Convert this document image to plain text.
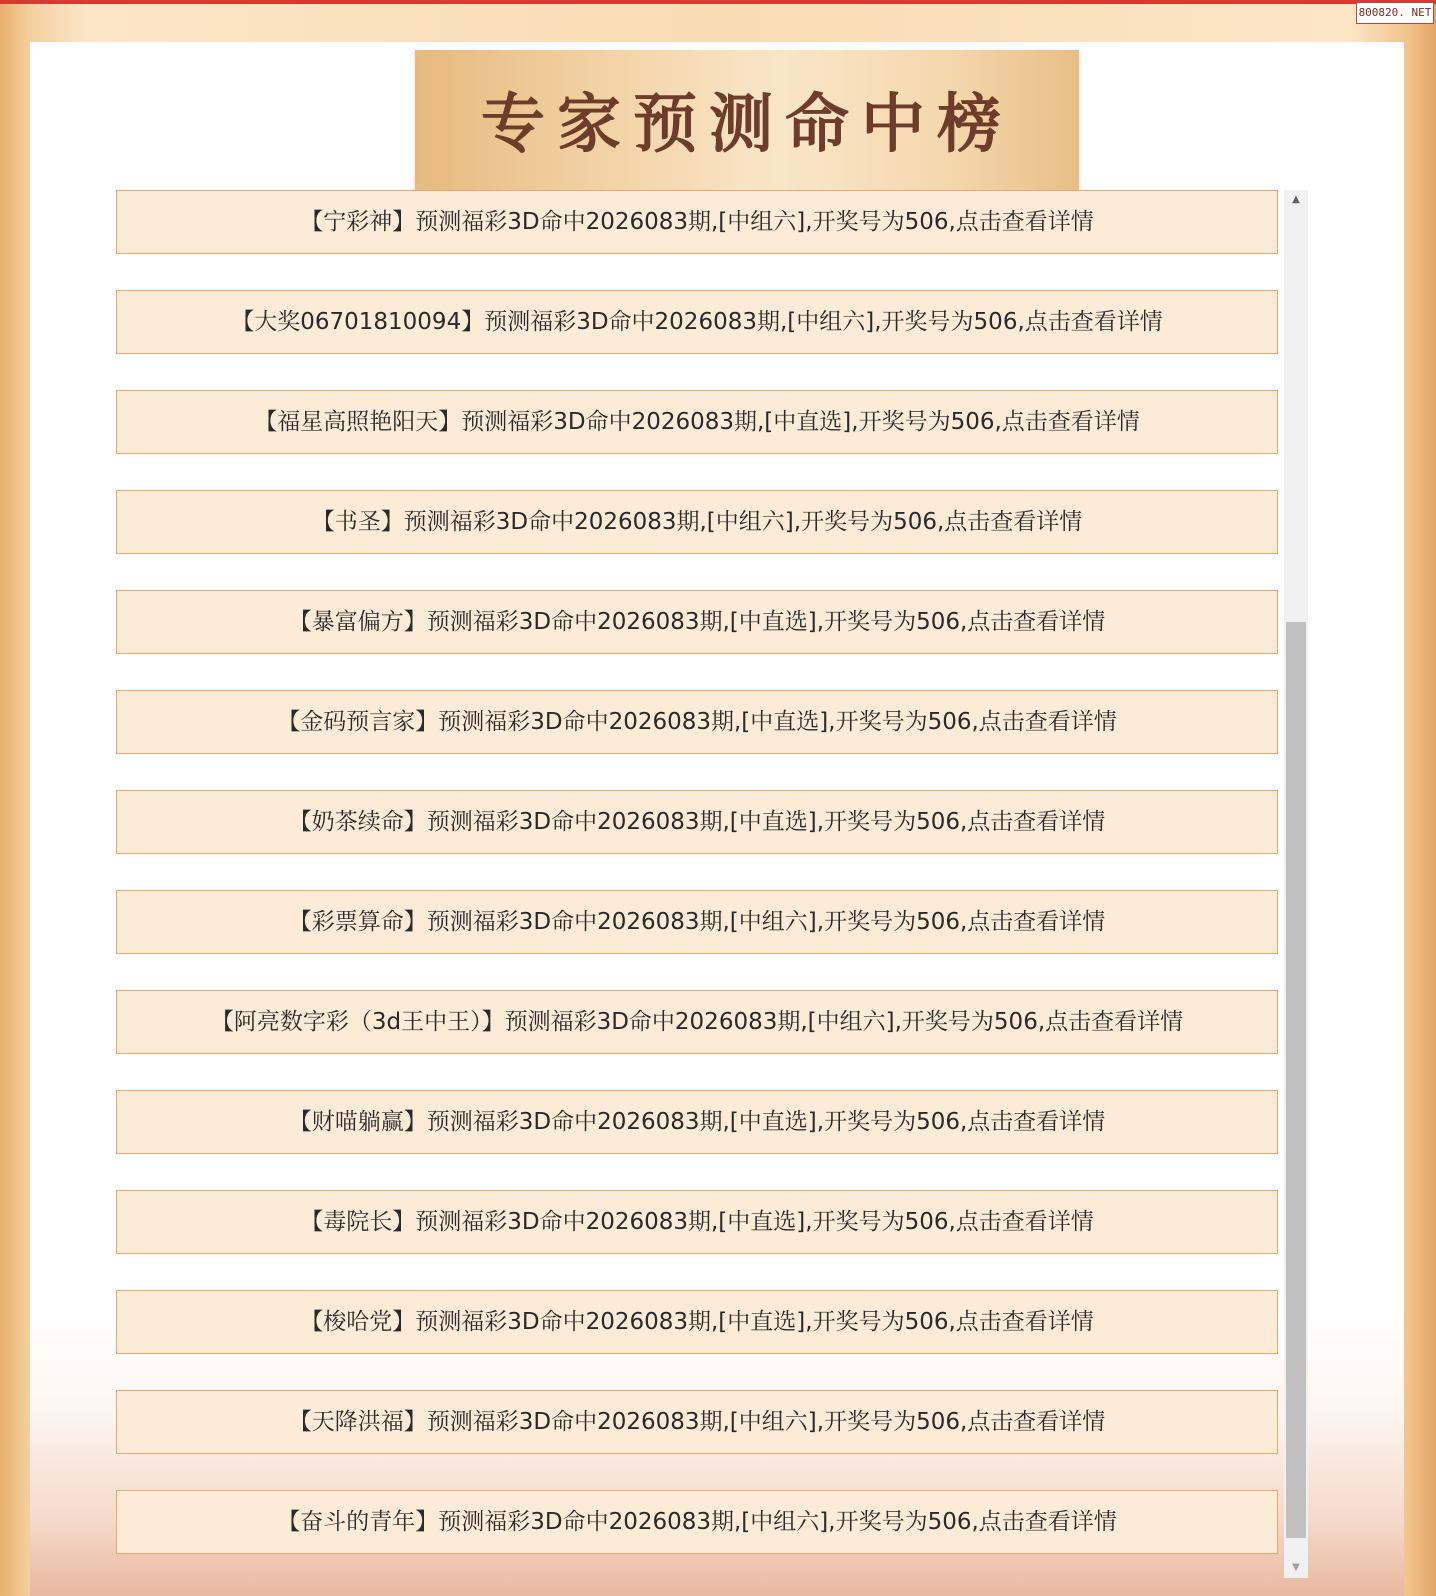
800820. NET
专家预测命中榜
【宁彩神】预测福彩3D命中2026083期,[中组六],开奖号为506,点击查看详情
【大奖06701810094】预测福彩3D命中2026083期,[中组六],开奖号为506,点击查看详情
【福星高照艳阳天】预测福彩3D命中2026083期,[中直选],开奖号为506,点击查看详情
【书圣】预测福彩3D命中2026083期,[中组六],开奖号为506,点击查看详情
【暴富偏方】预测福彩3D命中2026083期,[中直选],开奖号为506,点击查看详情
【金码预言家】预测福彩3D命中2026083期,[中直选],开奖号为506,点击查看详情
【奶茶续命】预测福彩3D命中2026083期,[中直选],开奖号为506,点击查看详情
【彩票算命】预测福彩3D命中2026083期,[中组六],开奖号为506,点击查看详情
【阿亮数字彩（3d王中王）】预测福彩3D命中2026083期,[中组六],开奖号为506,点击查看详情
【财喵躺赢】预测福彩3D命中2026083期,[中直选],开奖号为506,点击查看详情
【毒院长】预测福彩3D命中2026083期,[中直选],开奖号为506,点击查看详情
【梭哈党】预测福彩3D命中2026083期,[中直选],开奖号为506,点击查看详情
【天降洪福】预测福彩3D命中2026083期,[中组六],开奖号为506,点击查看详情
【奋斗的青年】预测福彩3D命中2026083期,[中组六],开奖号为506,点击查看详情
▲
▼
